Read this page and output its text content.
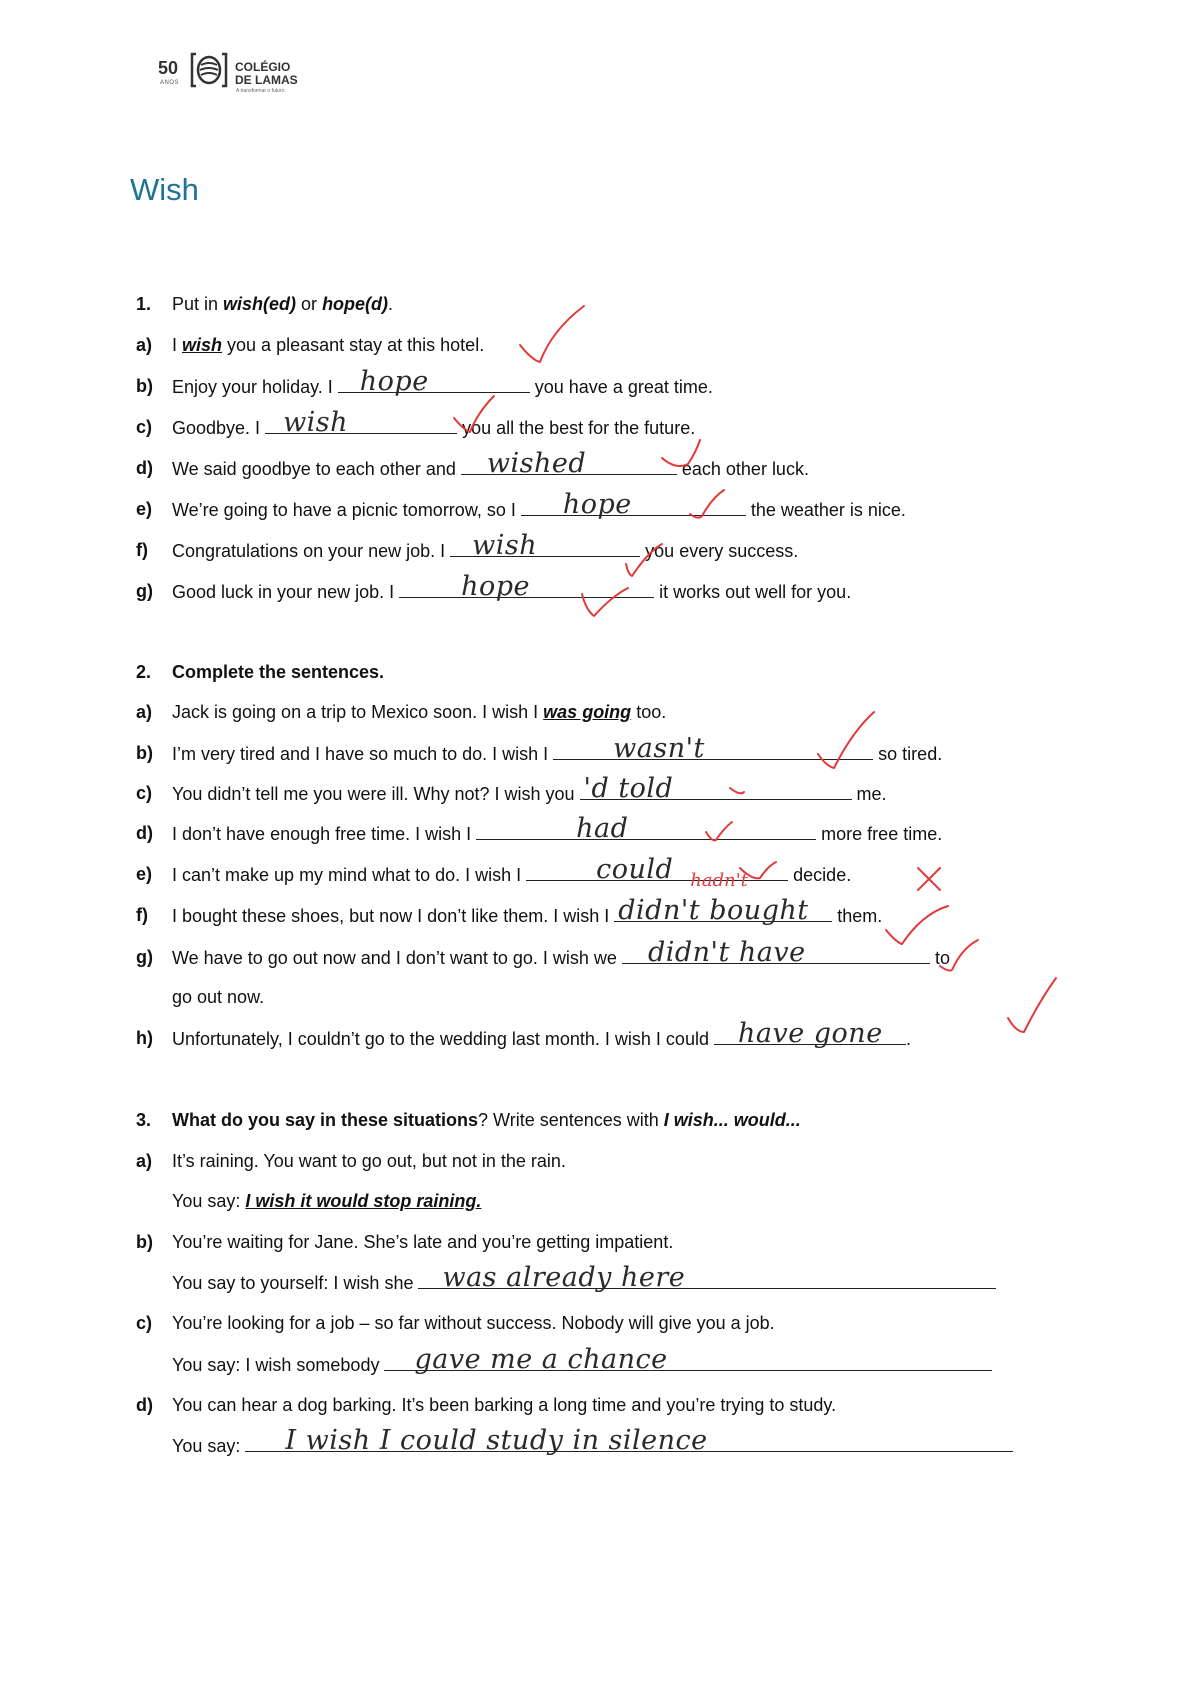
50
ANOS
COLÉGIO
DE LAMAS
A transformar o futuro
Wish
1. Put in wish(ed) or hope(d).
a) I wish you a pleasant stay at this hotel.
b) Enjoy your holiday. I hope	you have a great time.
c) Goodbye. I wish	you all the best for the future.
d) We said goodbye to each other and wished	each other luck.
e) We’re going to have a picnic tomorrow, so I hope	the weather is nice.
f) Congratulations on your new job. I wish	you every success.
g) Good luck in your new job. I hope	it works out well for you.
2. Complete the sentences.
a) Jack is going on a trip to Mexico soon. I wish I was going too.
b) I’m very tired and I have so much to do. I wish I wasn't	so tired.
c) You didn’t tell me you were ill. Why not? I wish you 'd told	me.
d) I don’t have enough free time. I wish I	had	more free time.
e) I can’t make up my mind what to do. I wish I	could	decide.
f) I bought these shoes, but now I don’t like them. I wish I didn't bought
hadn't
them.
g) We have to go out now and I don’t want to go. I wish we didn't have	to
go out now.
h) Unfortunately, I couldn’t go to the wedding last month. I wish I could have gone .
3. What do you say in these situations? Write sentences with I wish... would...
a) It’s raining. You want to go out, but not in the rain.
You say: I wish it would stop raining.
b) You’re waiting for Jane. She’s late and you’re getting impatient.
You say to yourself: I wish she was already here
c) You’re looking for a job – so far without success. Nobody will give you a job.
You say: I wish somebody gave me a chance
d) You can hear a dog barking. It’s been barking a long time and you’re trying to study.
You say: I wish I could study in silence
